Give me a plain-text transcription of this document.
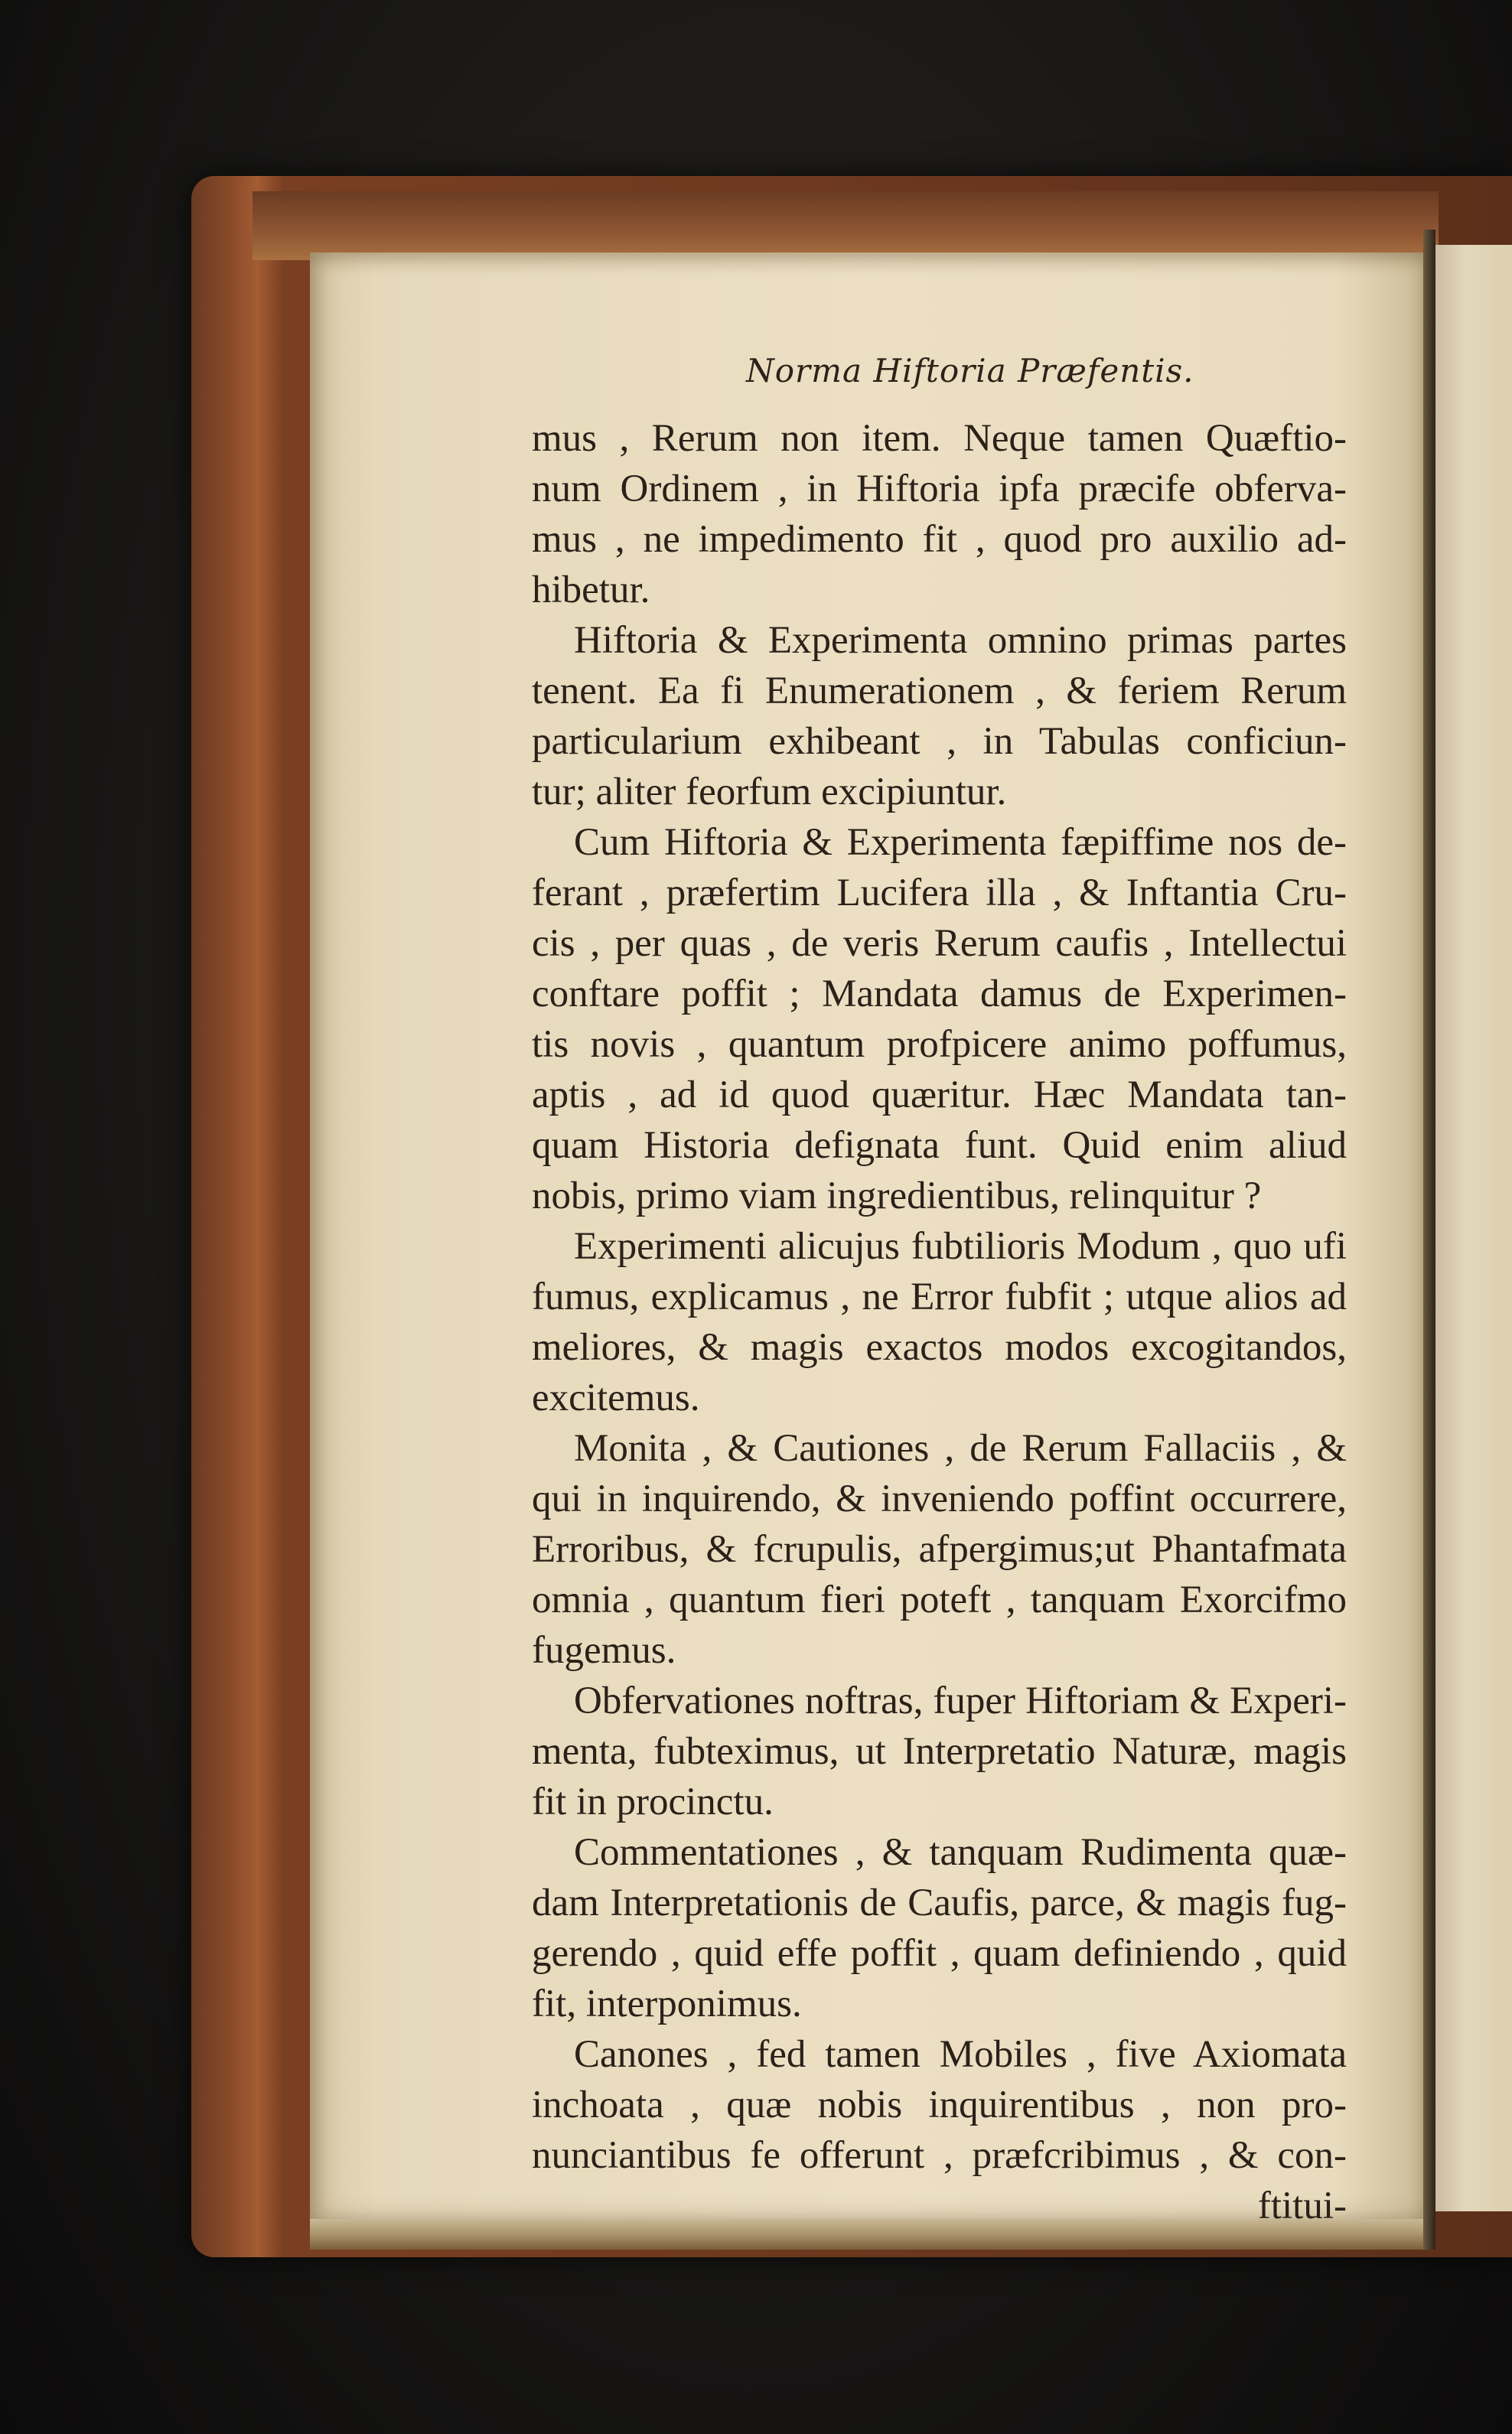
Norma Hiftoria Præfentis.
mus , Rerum non item. Neque tamen Quæftio-
num Ordinem , in Hiftoria ipfa præcife obferva-
mus , ne impedimento fit , quod pro auxilio ad-
hibetur.
Hiftoria & Experimenta omnino primas partes
tenent. Ea fi Enumerationem , & feriem Rerum
particularium exhibeant , in Tabulas conficiun-
tur; aliter feorfum excipiuntur.
Cum Hiftoria & Experimenta fæpiffime nos de-
ferant , præfertim Lucifera illa , & Inftantia Cru-
cis , per quas , de veris Rerum caufis , Intellectui
conftare poffit ; Mandata damus de Experimen-
tis novis , quantum profpicere animo poffumus,
aptis , ad id quod quæritur. Hæc Mandata tan-
quam Historia defignata funt. Quid enim aliud
nobis, primo viam ingredientibus, relinquitur ?
Experimenti alicujus fubtilioris Modum , quo ufi
fumus, explicamus , ne Error fubfit ; utque alios ad
meliores, & magis exactos modos excogitandos,
excitemus.
Monita , & Cautiones , de Rerum Fallaciis , &
qui in inquirendo, & inveniendo poffint occurrere,
Erroribus, & fcrupulis, afpergimus;ut Phantafmata
omnia , quantum fieri poteft , tanquam Exorcifmo
fugemus.
Obfervationes noftras, fuper Hiftoriam & Experi-
menta, fubteximus, ut Interpretatio Naturæ, magis
fit in procinctu.
Commentationes , & tanquam Rudimenta quæ-
dam Interpretationis de Caufis, parce, & magis fug-
gerendo , quid effe poffit , quam definiendo , quid
fit, interponimus.
Canones , fed tamen Mobiles , five Axiomata
inchoata , quæ nobis inquirentibus , non pro-
nunciantibus fe offerunt , præfcribimus , & con-
ftitui-
